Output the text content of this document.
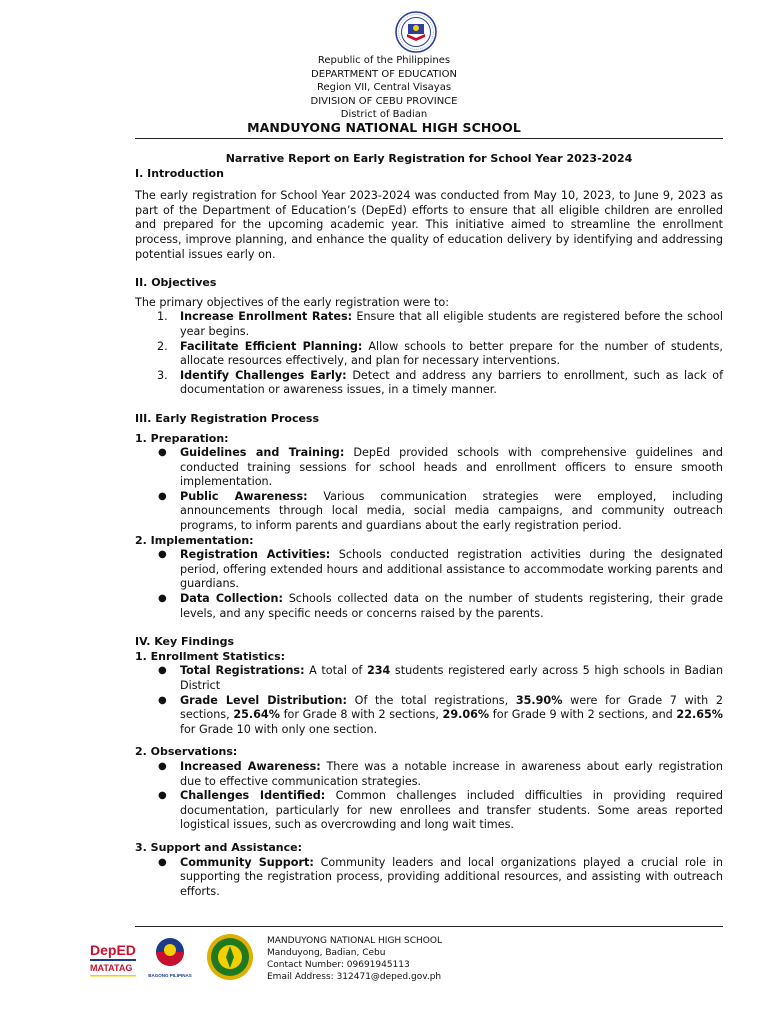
Republic of the Philippines
DEPARTMENT OF EDUCATION
Region VII, Central Visayas
DIVISION OF CEBU PROVINCE
District of Badian
MANDUYONG NATIONAL HIGH SCHOOL
Narrative Report on Early Registration for School Year 2023-2024
I. Introduction

The early registration for School Year 2023-2024 was conducted from May 10, 2023, to June 9, 2023 as part of the Department of Education’s (DepEd) efforts to ensure that all eligible children are enrolled and prepared for the upcoming academic year. This initiative aimed to streamline the enrollment process, improve planning, and enhance the quality of education delivery by identifying and addressing potential issues early on.

II. Objectives
The primary objectives of the early registration were to:
1. Increase Enrollment Rates: Ensure that all eligible students are registered before the school year begins.
2. Facilitate Efficient Planning: Allow schools to better prepare for the number of students, allocate resources effectively, and plan for necessary interventions.
3. Identify Challenges Early: Detect and address any barriers to enrollment, such as lack of documentation or awareness issues, in a timely manner.
III. Early Registration Process
1. Preparation:
● Guidelines and Training: DepEd provided schools with comprehensive guidelines and conducted training sessions for school heads and enrollment officers to ensure smooth implementation.
● Public Awareness: Various communication strategies were employed, including announcements through local media, social media campaigns, and community outreach programs, to inform parents and guardians about the early registration period.
2. Implementation:
● Registration Activities: Schools conducted registration activities during the designated period, offering extended hours and additional assistance to accommodate working parents and guardians.
● Data Collection: Schools collected data on the number of students registering, their grade levels, and any specific needs or concerns raised by the parents.
IV. Key Findings
1. Enrollment Statistics:
● Total Registrations: A total of 234 students registered early across 5 high schools in Badian District
● Grade Level Distribution: Of the total registrations, 35.90% were for Grade 7 with 2 sections, 25.64% for Grade 8 with 2 sections, 29.06% for Grade 9 with 2 sections, and 22.65% for Grade 10 with only one section.
2. Observations:
● Increased Awareness: There was a notable increase in awareness about early registration due to effective communication strategies.
● Challenges Identified: Common challenges included difficulties in providing required documentation, particularly for new enrollees and transfer students. Some areas reported logistical issues, such as overcrowding and long wait times.
3. Support and Assistance:
● Community Support: Community leaders and local organizations played a crucial role in supporting the registration process, providing additional resources, and assisting with outreach efforts.
DepED
MATATAG
BAGONG PILIPINAS
MANDUYONG NATIONAL HIGH SCHOOL
Manduyong, Badian, Cebu
Contact Number: 09691945113
Email Address: 312471@deped.gov.ph
